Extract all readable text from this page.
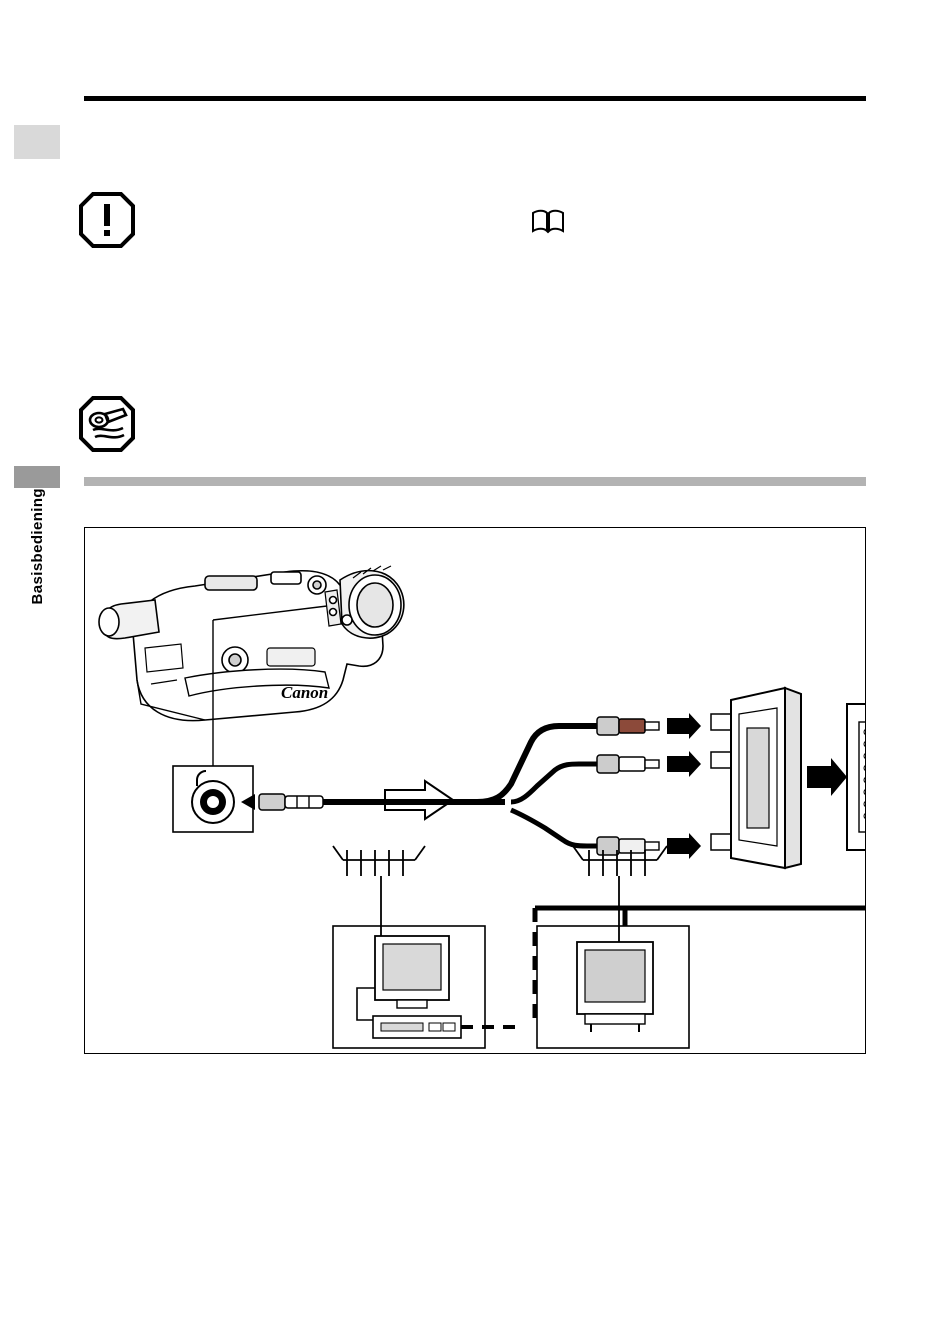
Basisbediening
Canon
